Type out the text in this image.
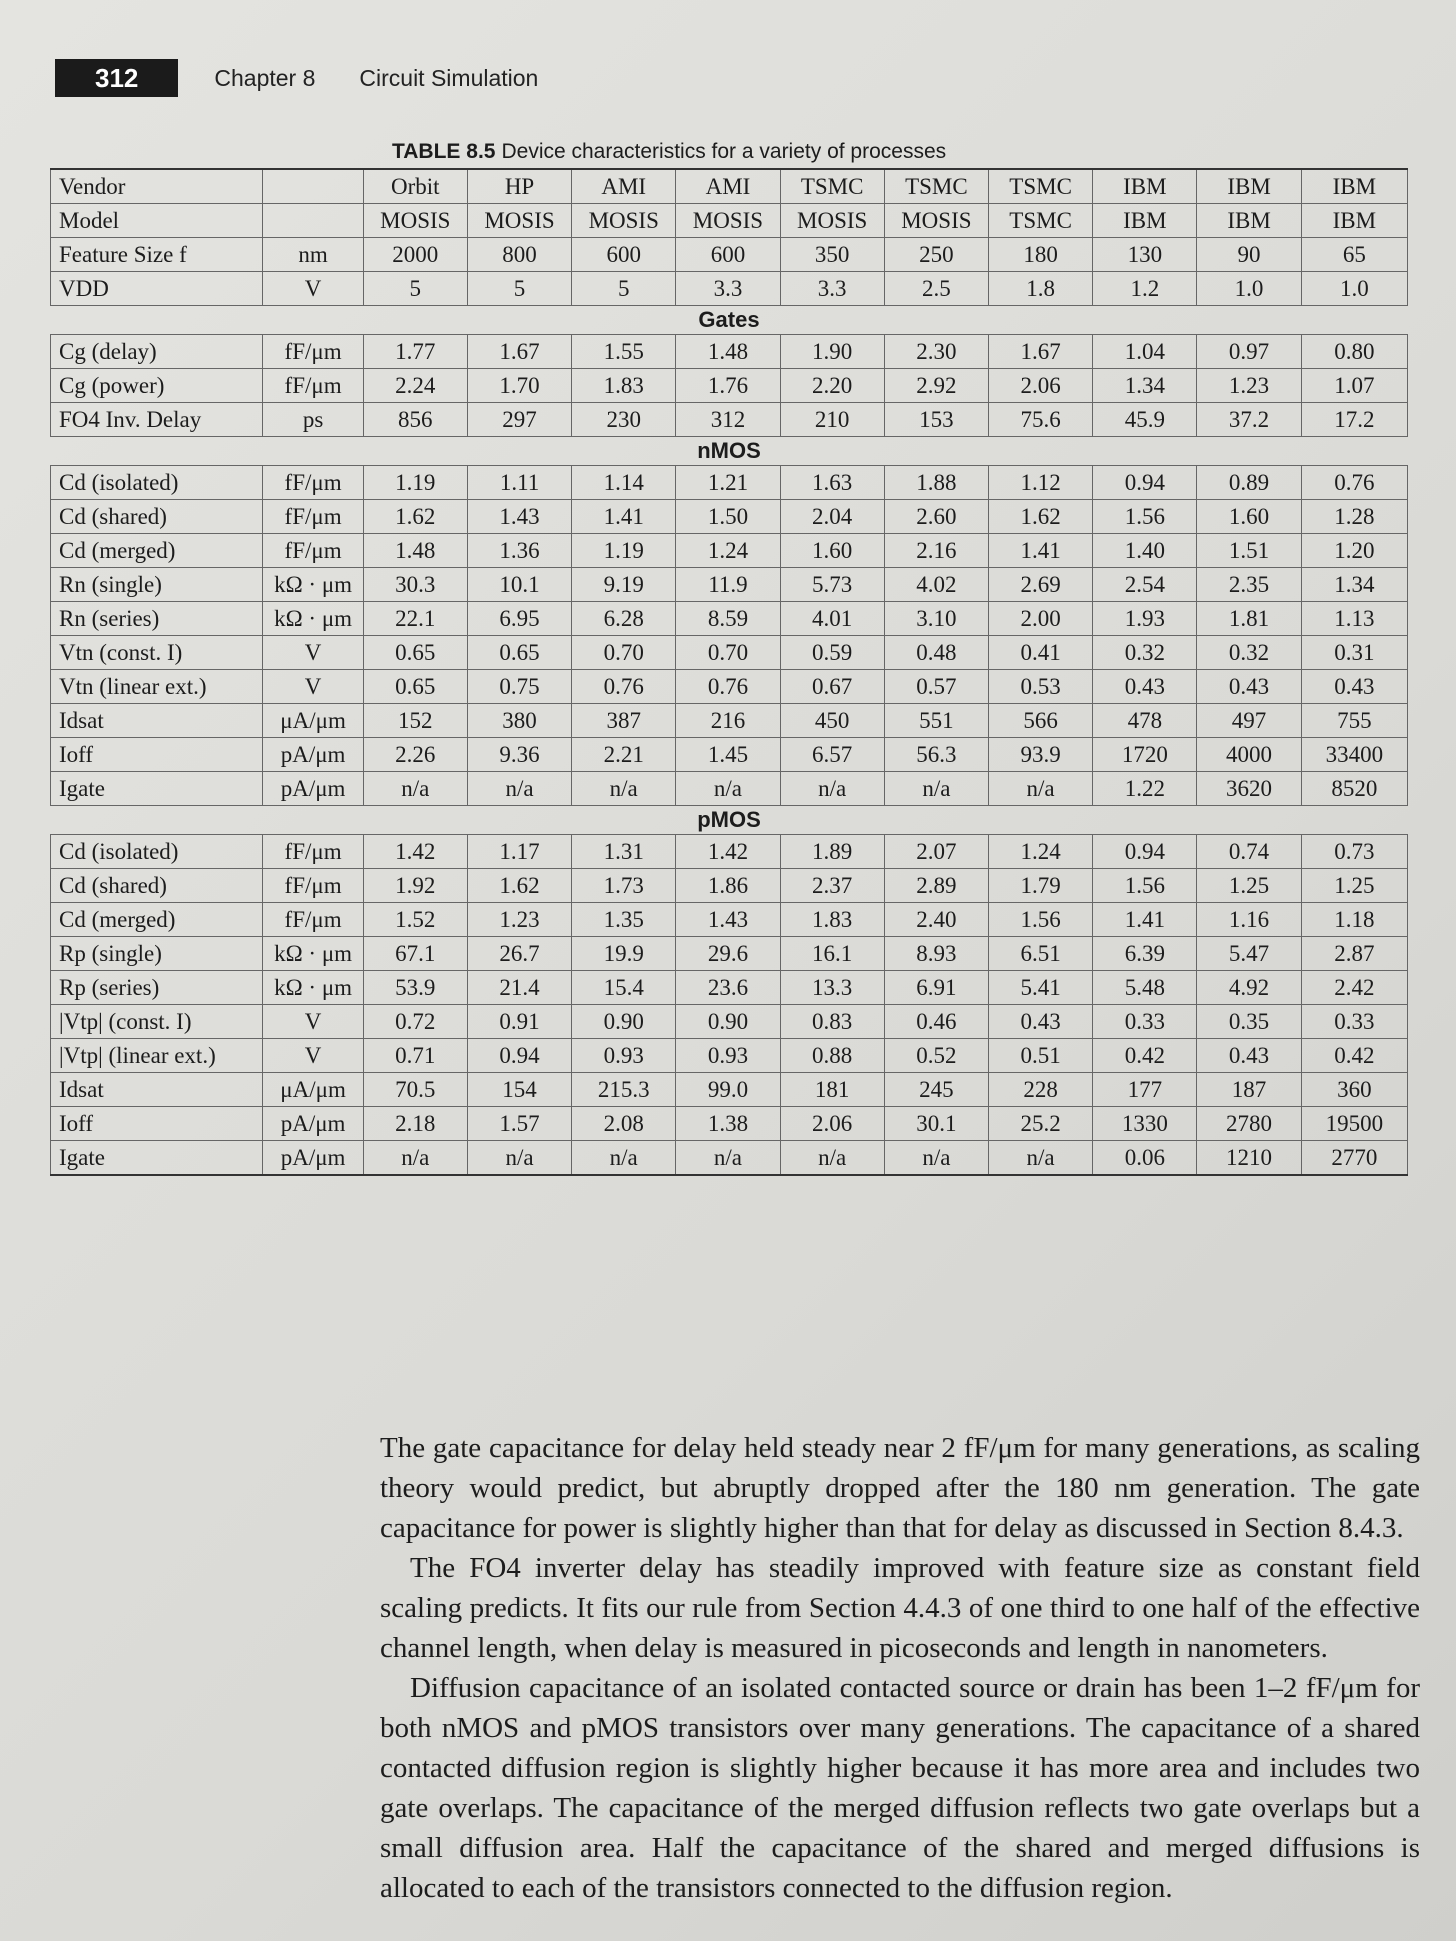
312	Chapter 8 Circuit Simulation
TABLE 8.5 Device characteristics for a variety of processes
Vendor		Orbit	HP	AMI	AMI	TSMC	TSMC	TSMC	IBM	IBM	IBM
Model		MOSIS	MOSIS	MOSIS	MOSIS	MOSIS	MOSIS	TSMC	IBM	IBM	IBM
Feature Size f	nm	2000	800	600	600	350	250	180	130	90	65
VDD	V	5	5	5	3.3	3.3	2.5	1.8	1.2	1.0	1.0
Gates											
Cg (delay)	fF/μm	1.77	1.67	1.55	1.48	1.90	2.30	1.67	1.04	0.97	0.80
Cg (power)	fF/μm	2.24	1.70	1.83	1.76	2.20	2.92	2.06	1.34	1.23	1.07
FO4 Inv. Delay	ps	856	297	230	312	210	153	75.6	45.9	37.2	17.2
nMOS											
Cd (isolated)	fF/μm	1.19	1.11	1.14	1.21	1.63	1.88	1.12	0.94	0.89	0.76
Cd (shared)	fF/μm	1.62	1.43	1.41	1.50	2.04	2.60	1.62	1.56	1.60	1.28
Cd (merged)	fF/μm	1.48	1.36	1.19	1.24	1.60	2.16	1.41	1.40	1.51	1.20
Rn (single)	kΩ · μm	30.3	10.1	9.19	11.9	5.73	4.02	2.69	2.54	2.35	1.34
Rn (series)	kΩ · μm	22.1	6.95	6.28	8.59	4.01	3.10	2.00	1.93	1.81	1.13
Vtn (const. I)	V	0.65	0.65	0.70	0.70	0.59	0.48	0.41	0.32	0.32	0.31
Vtn (linear ext.)	V	0.65	0.75	0.76	0.76	0.67	0.57	0.53	0.43	0.43	0.43
Idsat	μA/μm	152	380	387	216	450	551	566	478	497	755
Ioff	pA/μm	2.26	9.36	2.21	1.45	6.57	56.3	93.9	1720	4000	33400
Igate	pA/μm	n/a	n/a	n/a	n/a	n/a	n/a	n/a	1.22	3620	8520
pMOS											
Cd (isolated)	fF/μm	1.42	1.17	1.31	1.42	1.89	2.07	1.24	0.94	0.74	0.73
Cd (shared)	fF/μm	1.92	1.62	1.73	1.86	2.37	2.89	1.79	1.56	1.25	1.25
Cd (merged)	fF/μm	1.52	1.23	1.35	1.43	1.83	2.40	1.56	1.41	1.16	1.18
Rp (single)	kΩ · μm	67.1	26.7	19.9	29.6	16.1	8.93	6.51	6.39	5.47	2.87
Rp (series)	kΩ · μm	53.9	21.4	15.4	23.6	13.3	6.91	5.41	5.48	4.92	2.42
|Vtp| (const. I)	V	0.72	0.91	0.90	0.90	0.83	0.46	0.43	0.33	0.35	0.33
|Vtp| (linear ext.)	V	0.71	0.94	0.93	0.93	0.88	0.52	0.51	0.42	0.43	0.42
Idsat	μA/μm	70.5	154	215.3	99.0	181	245	228	177	187	360
Ioff	pA/μm	2.18	1.57	2.08	1.38	2.06	30.1	25.2	1330	2780	19500
Igate	pA/μm	n/a	n/a	n/a	n/a	n/a	n/a	n/a	0.06	1210	2770

The gate capacitance for delay held steady near 2 fF/μm for many generations, as scaling theory would predict, but abruptly dropped after the 180 nm generation. The gate capacitance for power is slightly higher than that for delay as discussed in Section 8.4.3.

The FO4 inverter delay has steadily improved with feature size as constant field scaling predicts. It fits our rule from Section 4.4.3 of one third to one half of the effective channel length, when delay is measured in picoseconds and length in nanometers.

Diffusion capacitance of an isolated contacted source or drain has been 1–2 fF/μm for both nMOS and pMOS transistors over many generations. The capacitance of a shared contacted diffusion region is slightly higher because it has more area and includes two gate overlaps. The capacitance of the merged diffusion reflects two gate overlaps but a small diffusion area. Half the capacitance of the shared and merged diffusions is allocated to each of the transistors connected to the diffusion region.
